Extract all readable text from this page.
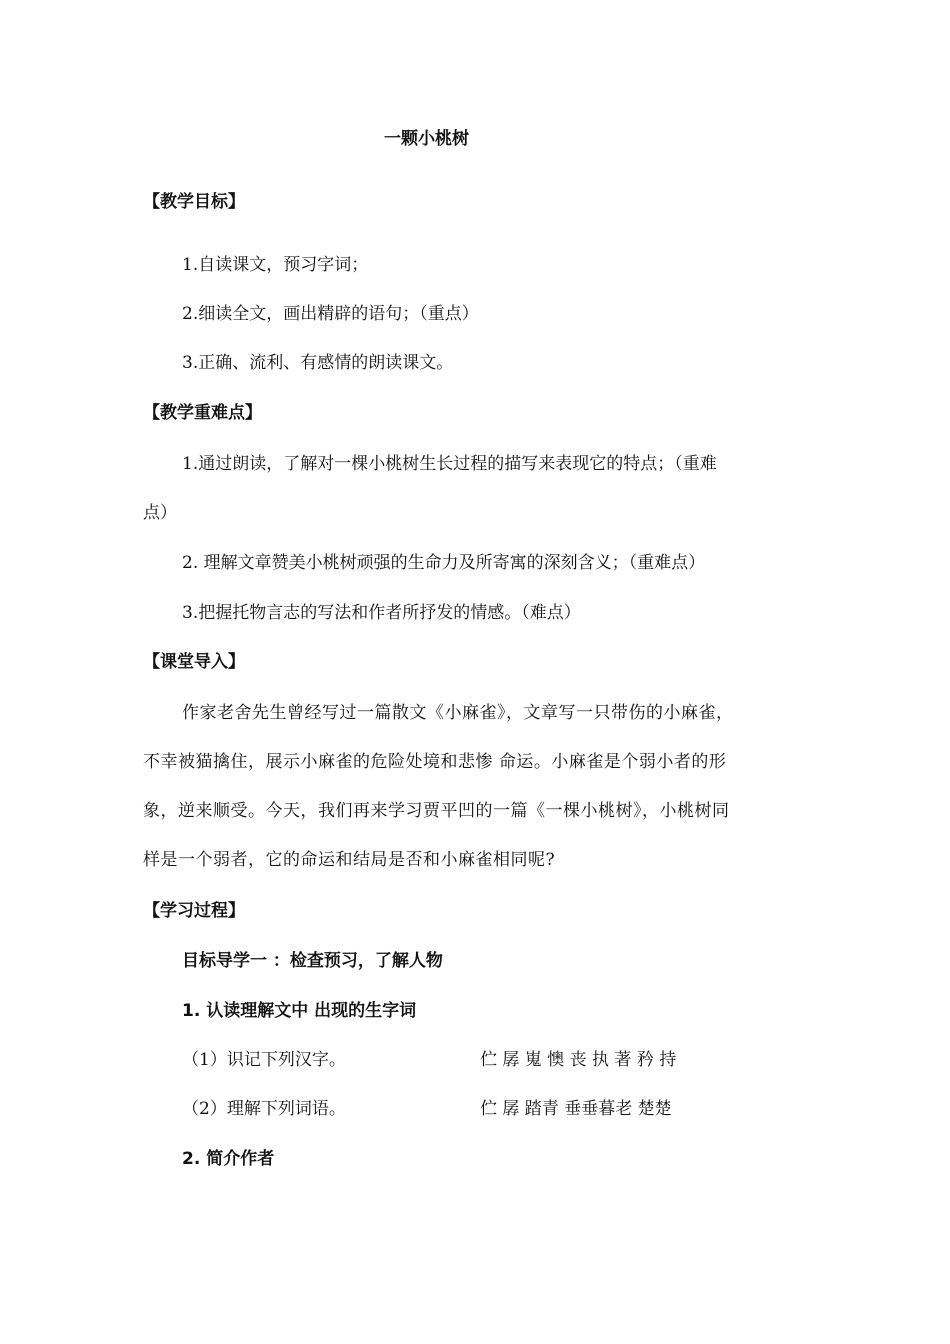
一颗小桃树
【教学目标】
1.自读课文，预习字词；
2.细读全文，画出精辟的语句；（重点）
3.正确、流利、有感情的朗读课文。
【教学重难点】
1.通过朗读，了解对一棵小桃树生长过程的描写来表现它的特点；（重难
点）
2. 理解文章赞美小桃树顽强的生命力及所寄寓的深刻含义；（重难点）
3.把握托物言志的写法和作者所抒发的情感。（难点）
【课堂导入】
作家老舍先生曾经写过一篇散文《小麻雀》，文章写一只带伤的小麻雀，
不幸被猫擒住，展示小麻雀的危险处境和悲惨 命运。小麻雀是个弱小者的形
象，逆来顺受。今天，我们再来学习贾平凹的一篇《一棵小桃树》，小桃树同
样是一个弱者，它的命运和结局是否和小麻雀相同呢?
【学习过程】
目标导学一 ：检查预习，了解人物
1. 认读理解文中 出现的生字词
（1）识记下列汉字。	伫 孱 嵬 懊 丧 执 著 矜 持
（2）理解下列词语。	伫 孱 踏青 垂垂暮老 楚楚
2. 简介作者
